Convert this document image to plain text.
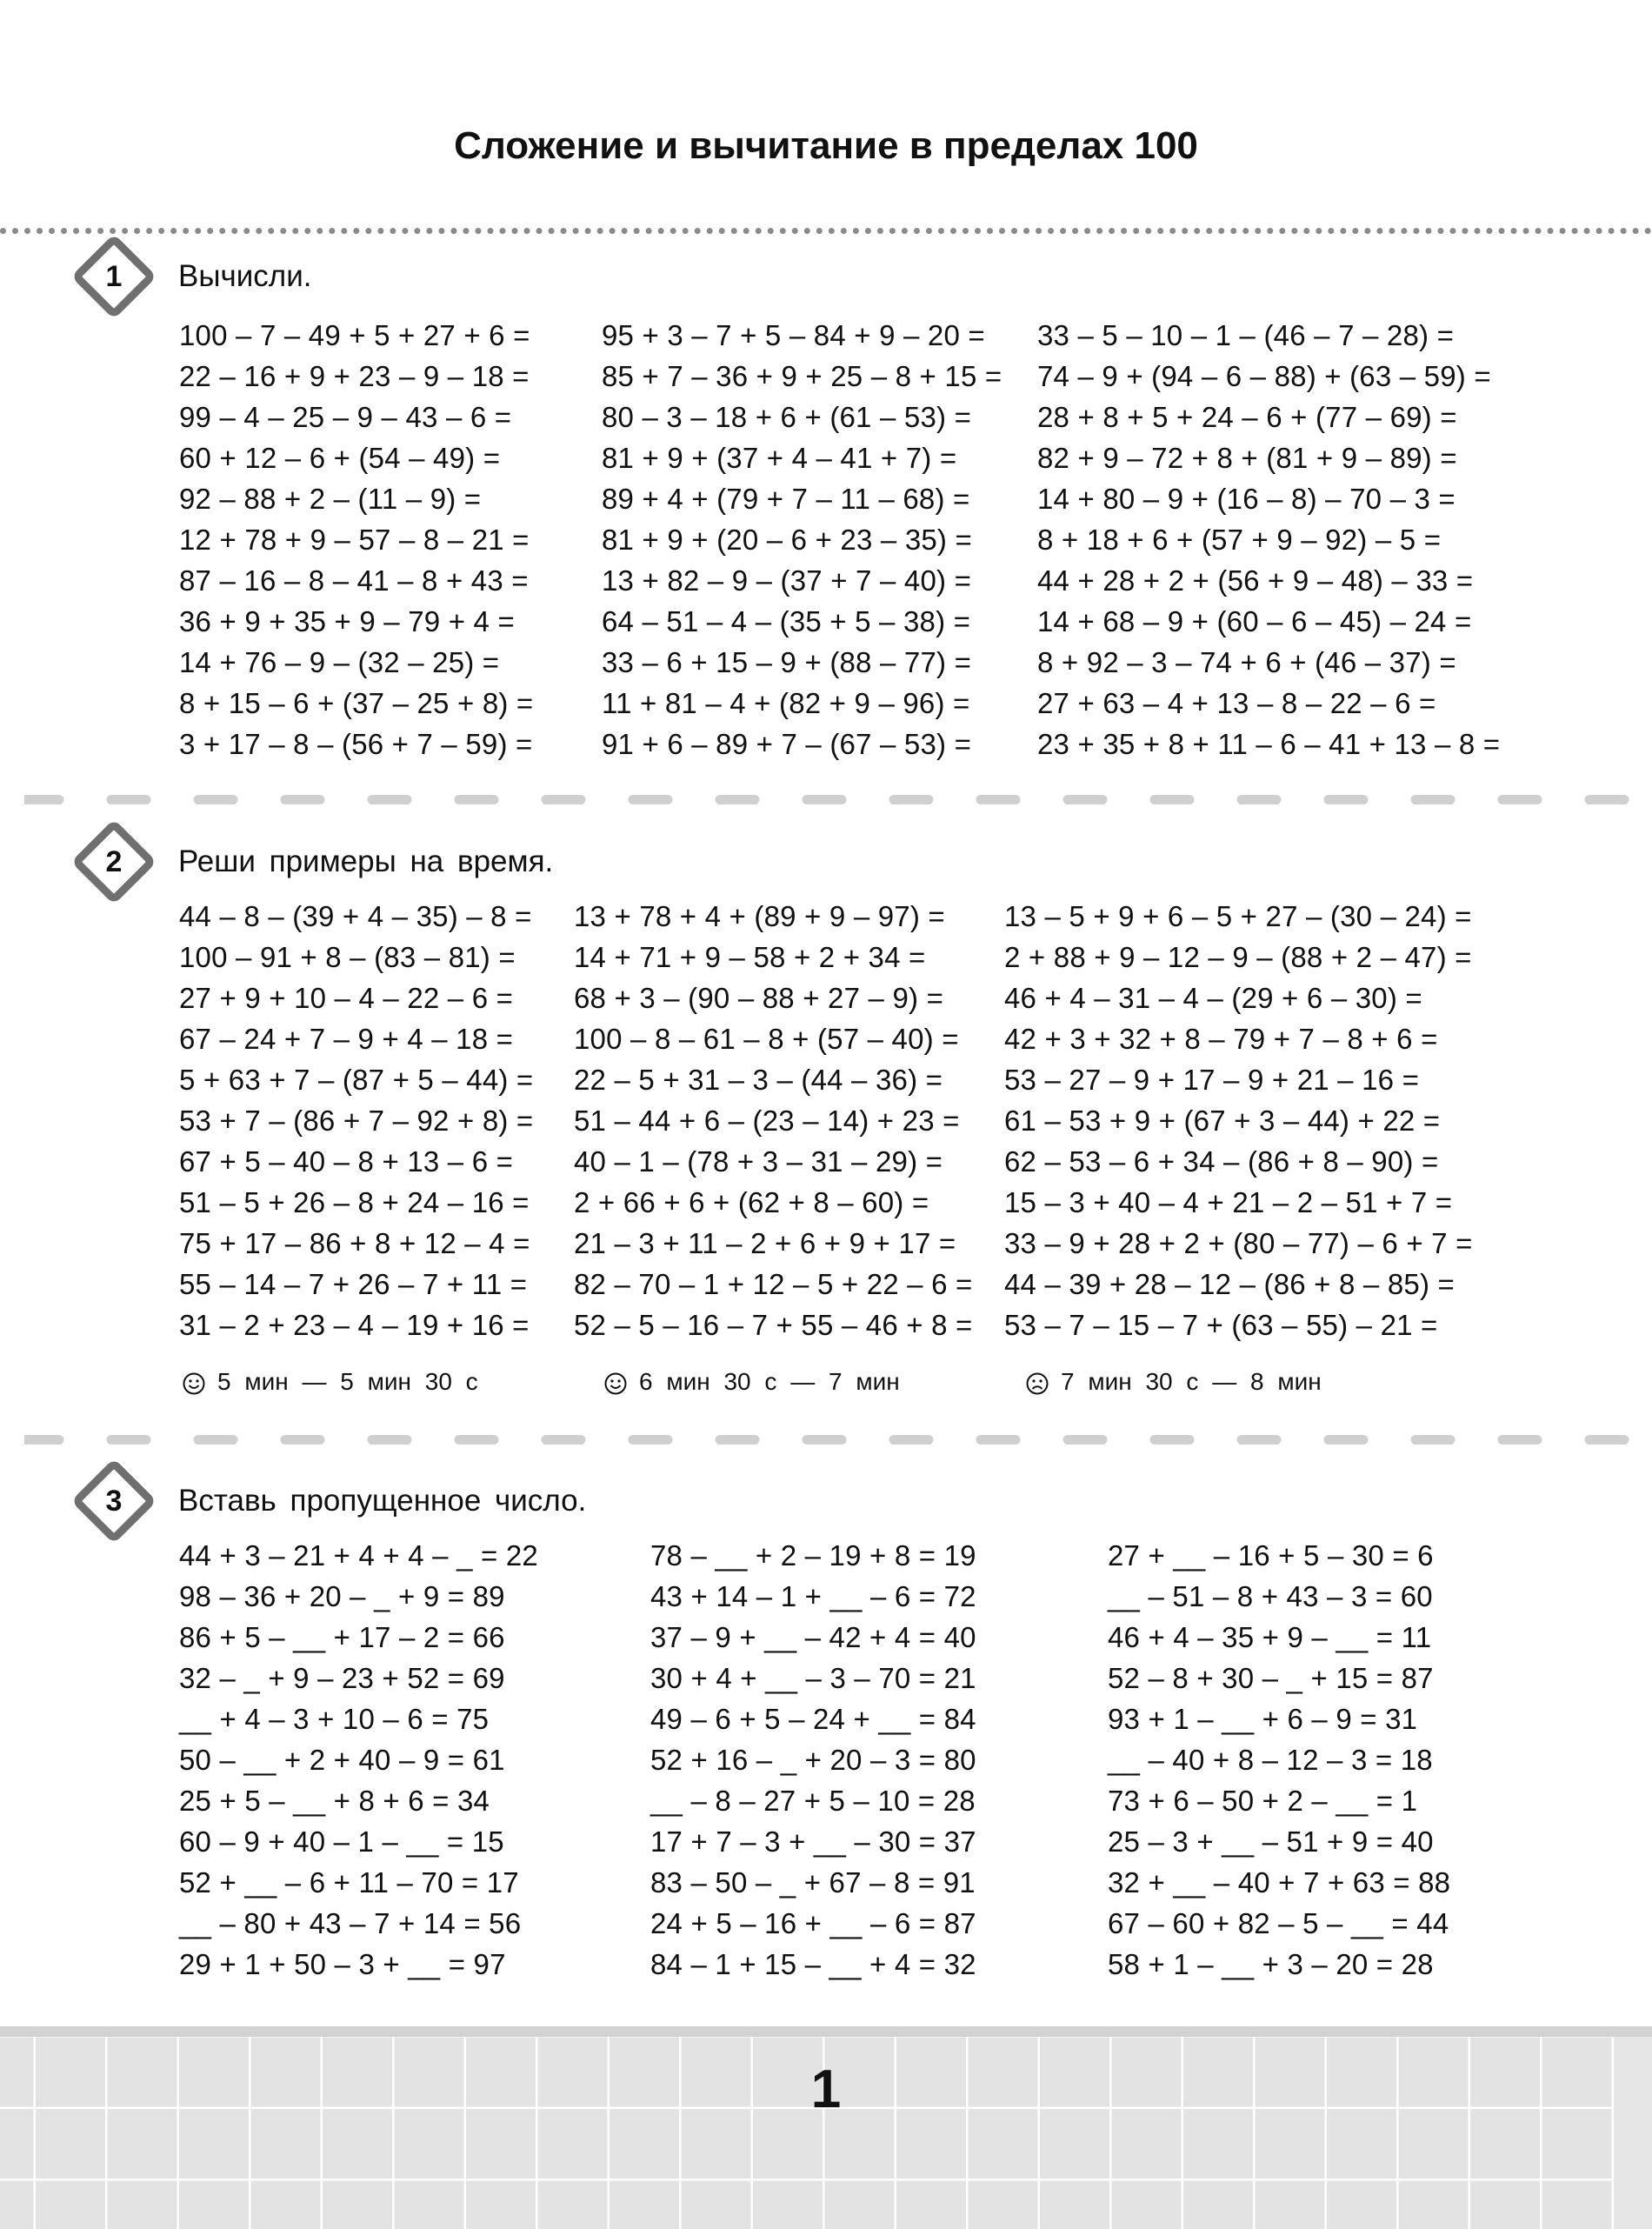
Сложение и вычитание в пределах 100
1	Вычисли.
100 – 7 – 49 + 5 + 27 + 6 =
22 – 16 + 9 + 23 – 9 – 18 =
99 – 4 – 25 – 9 – 43 – 6 =
60 + 12 – 6 + (54 – 49) =
92 – 88 + 2 – (11 – 9) =
12 + 78 + 9 – 57 – 8 – 21 =
87 – 16 – 8 – 41 – 8 + 43 =
36 + 9 + 35 + 9 – 79 + 4 =
14 + 76 – 9 – (32 – 25) =
8 + 15 – 6 + (37 – 25 + 8) =
3 + 17 – 8 – (56 + 7 – 59) =
95 + 3 – 7 + 5 – 84 + 9 – 20 =
85 + 7 – 36 + 9 + 25 – 8 + 15 =
80 – 3 – 18 + 6 + (61 – 53) =
81 + 9 + (37 + 4 – 41 + 7) =
89 + 4 + (79 + 7 – 11 – 68) =
81 + 9 + (20 – 6 + 23 – 35) =
13 + 82 – 9 – (37 + 7 – 40) =
64 – 51 – 4 – (35 + 5 – 38) =
33 – 6 + 15 – 9 + (88 – 77) =
11 + 81 – 4 + (82 + 9 – 96) =
91 + 6 – 89 + 7 – (67 – 53) =
33 – 5 – 10 – 1 – (46 – 7 – 28) =
74 – 9 + (94 – 6 – 88) + (63 – 59) =
28 + 8 + 5 + 24 – 6 + (77 – 69) =
82 + 9 – 72 + 8 + (81 + 9 – 89) =
14 + 80 – 9 + (16 – 8) – 70 – 3 =
8 + 18 + 6 + (57 + 9 – 92) – 5 =
44 + 28 + 2 + (56 + 9 – 48) – 33 =
14 + 68 – 9 + (60 – 6 – 45) – 24 =
8 + 92 – 3 – 74 + 6 + (46 – 37) =
27 + 63 – 4 + 13 – 8 – 22 – 6 =
23 + 35 + 8 + 11 – 6 – 41 + 13 – 8 =
2	Реши примеры на время.
44 – 8 – (39 + 4 – 35) – 8 =
100 – 91 + 8 – (83 – 81) =
27 + 9 + 10 – 4 – 22 – 6 =
67 – 24 + 7 – 9 + 4 – 18 =
5 + 63 + 7 – (87 + 5 – 44) =
53 + 7 – (86 + 7 – 92 + 8) =
67 + 5 – 40 – 8 + 13 – 6 =
51 – 5 + 26 – 8 + 24 – 16 =
75 + 17 – 86 + 8 + 12 – 4 =
55 – 14 – 7 + 26 – 7 + 11 =
31 – 2 + 23 – 4 – 19 + 16 =
13 + 78 + 4 + (89 + 9 – 97) =
14 + 71 + 9 – 58 + 2 + 34 =
68 + 3 – (90 – 88 + 27 – 9) =
100 – 8 – 61 – 8 + (57 – 40) =
22 – 5 + 31 – 3 – (44 – 36) =
51 – 44 + 6 – (23 – 14) + 23 =
40 – 1 – (78 + 3 – 31 – 29) =
2 + 66 + 6 + (62 + 8 – 60) =
21 – 3 + 11 – 2 + 6 + 9 + 17 =
82 – 70 – 1 + 12 – 5 + 22 – 6 =
52 – 5 – 16 – 7 + 55 – 46 + 8 =
13 – 5 + 9 + 6 – 5 + 27 – (30 – 24) =
2 + 88 + 9 – 12 – 9 – (88 + 2 – 47) =
46 + 4 – 31 – 4 – (29 + 6 – 30) =
42 + 3 + 32 + 8 – 79 + 7 – 8 + 6 =
53 – 27 – 9 + 17 – 9 + 21 – 16 =
61 – 53 + 9 + (67 + 3 – 44) + 22 =
62 – 53 – 6 + 34 – (86 + 8 – 90) =
15 – 3 + 40 – 4 + 21 – 2 – 51 + 7 =
33 – 9 + 28 + 2 + (80 – 77) – 6 + 7 =
44 – 39 + 28 – 12 – (86 + 8 – 85) =
53 – 7 – 15 – 7 + (63 – 55) – 21 =
5 мин — 5 мин 30 с	6 мин 30 с — 7 мин	7 мин 30 с — 8 мин
3	Вставь пропущенное число.
44 + 3 – 21 + 4 + 4 – _ = 22
98 – 36 + 20 – _ + 9 = 89
86 + 5 – __ + 17 – 2 = 66
32 – _ + 9 – 23 + 52 = 69
__ + 4 – 3 + 10 – 6 = 75
50 – __ + 2 + 40 – 9 = 61
25 + 5 – __ + 8 + 6 = 34
60 – 9 + 40 – 1 – __ = 15
52 + __ – 6 + 11 – 70 = 17
__ – 80 + 43 – 7 + 14 = 56
29 + 1 + 50 – 3 + __ = 97
78 – __ + 2 – 19 + 8 = 19
43 + 14 – 1 + __ – 6 = 72
37 – 9 + __ – 42 + 4 = 40
30 + 4 + __ – 3 – 70 = 21
49 – 6 + 5 – 24 + __ = 84
52 + 16 – _ + 20 – 3 = 80
__ – 8 – 27 + 5 – 10 = 28
17 + 7 – 3 + __ – 30 = 37
83 – 50 – _ + 67 – 8 = 91
24 + 5 – 16 + __ – 6 = 87
84 – 1 + 15 – __ + 4 = 32
27 + __ – 16 + 5 – 30 = 6
__ – 51 – 8 + 43 – 3 = 60
46 + 4 – 35 + 9 – __ = 11
52 – 8 + 30 – _ + 15 = 87
93 + 1 – __ + 6 – 9 = 31
__ – 40 + 8 – 12 – 3 = 18
73 + 6 – 50 + 2 – __ = 1
25 – 3 + __ – 51 + 9 = 40
32 + __ – 40 + 7 + 63 = 88
67 – 60 + 82 – 5 – __ = 44
58 + 1 – __ + 3 – 20 = 28
1
